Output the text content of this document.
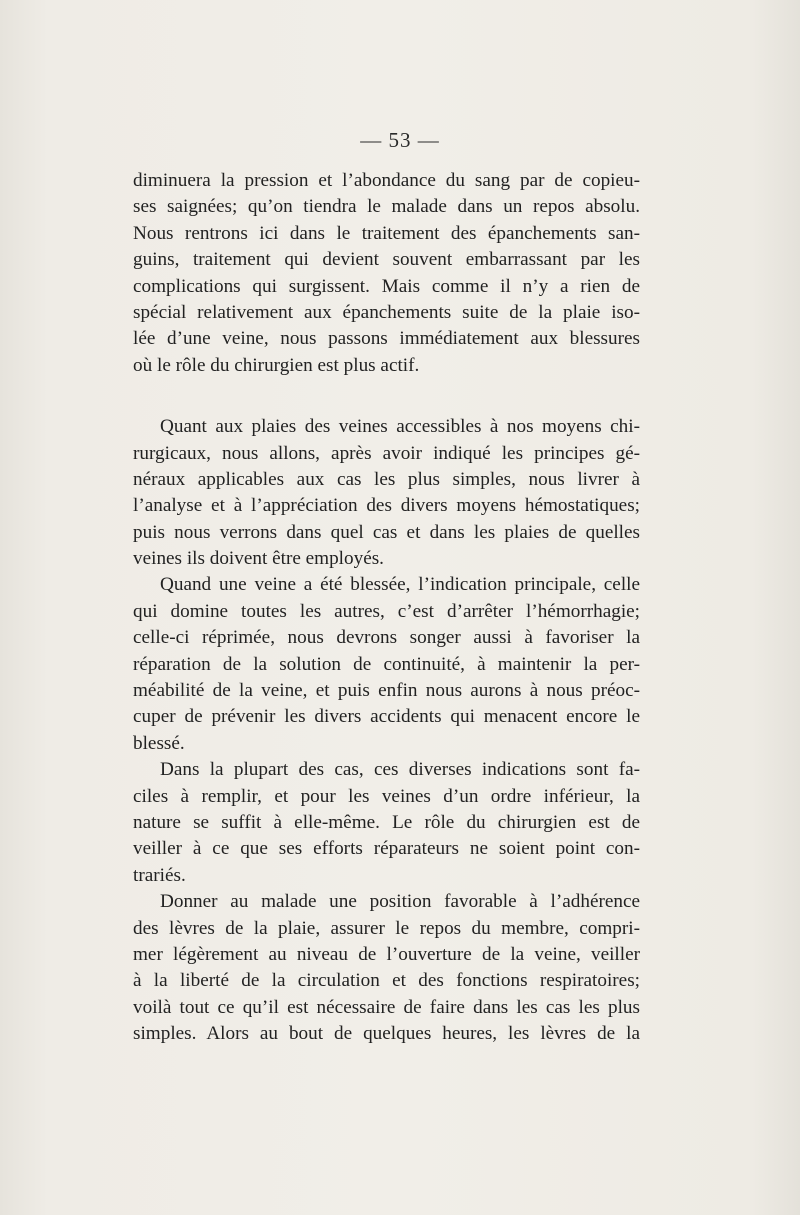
— 53 —
diminuera la pression et l’abondance du sang par de copieu-
ses saignées; qu’on tiendra le malade dans un repos absolu.
Nous rentrons ici dans le traitement des épanchements san-
guins, traitement qui devient souvent embarrassant par les
complications qui surgissent. Mais comme il n’y a rien de
spécial relativement aux épanchements suite de la plaie iso-
lée d’une veine, nous passons immédiatement aux blessures
où le rôle du chirurgien est plus actif.
Quant aux plaies des veines accessibles à nos moyens chi-
rurgicaux, nous allons, après avoir indiqué les principes gé-
néraux applicables aux cas les plus simples, nous livrer à
l’analyse et à l’appréciation des divers moyens hémostatiques;
puis nous verrons dans quel cas et dans les plaies de quelles
veines ils doivent être employés.
Quand une veine a été blessée, l’indication principale, celle
qui domine toutes les autres, c’est d’arrêter l’hémorrhagie;
celle-ci réprimée, nous devrons songer aussi à favoriser la
réparation de la solution de continuité, à maintenir la per-
méabilité de la veine, et puis enfin nous aurons à nous préoc-
cuper de prévenir les divers accidents qui menacent encore le
blessé.
Dans la plupart des cas, ces diverses indications sont fa-
ciles à remplir, et pour les veines d’un ordre inférieur, la
nature se suffit à elle-même. Le rôle du chirurgien est de
veiller à ce que ses efforts réparateurs ne soient point con-
trariés.
Donner au malade une position favorable à l’adhérence
des lèvres de la plaie, assurer le repos du membre, compri-
mer légèrement au niveau de l’ouverture de la veine, veiller
à la liberté de la circulation et des fonctions respiratoires;
voilà tout ce qu’il est nécessaire de faire dans les cas les plus
simples. Alors au bout de quelques heures, les lèvres de la
